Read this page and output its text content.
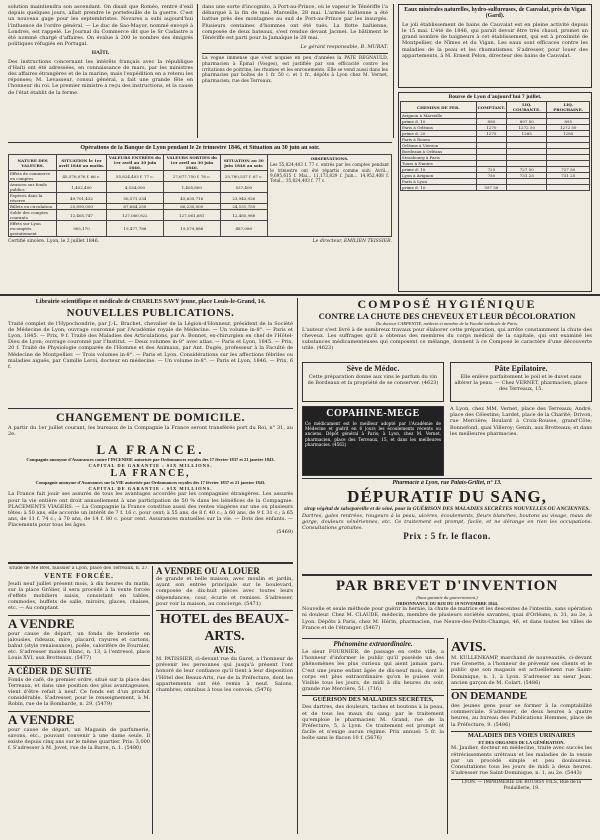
solution maintiendra son ascendant. On disait que Roméo, rentré d'exil depuis quelques jours, allait prendre le portefeuille de la guerre. C'est un nouveau gage pour les septembristes. Novares a subi aujourd'hui l'influence de l'ordre général. — Le duc de Sao-Mayor, nommé envoyé à Londres, est rappelé. Le Journal du Commerce dit que le Sr Cadastre a été nommé chargé d'affaires. On évalue à 200 le nombre des émigrés politiques réfugiés en Portugal.
HAÏTI.
Des instructions concernant les intérêts français avec la république d'Haïti ont été adressées, en connaissance de mars, par les ministres des affaires étrangères et de la marine; mais l'expédition en a retenu les réponses; M. Levasseur, consul général, a fait une grande fête en l'honneur du roi. Le premier ministre a reçu des instructions, et la cause de l'état établit de la ferme.
dans une sorte d'incognito, à Port-au-Prince, où le vapeur le Ténériffe l'a débarqué à la fin de mai. Marseille, 28 mai. L'armée haïtienne a été battue près des montagnes au sud de Port-au-Prince par les insurgés. Plusieurs centaines d'hommes ont été tués. La flotte haïtienne, composée de deux bateaux, s'est rendue devant Jacmel. Le bâtiment le Ténériffe est parti pour la Jamaïque le 28 mai.
Le gérant responsable, B. MURAT.
La vogue immense que s'est acquise en peu d'années la PATE REGNAULD, pharmacien à Épinal (Vosges), est justifiée par son efficacité contre les irritations de poitrine, les rhumes et les enrouements. Elle se vend aussi dans les pharmacies par boîtes de 1 fr. 50 c. et 1 fr., dépôts à Lyon chez M. Vernet, pharmacien, rue des Terreaux.
Eaux minérales naturelles, hydro-sulfureuses, de Cauvalat, près du Vigan (Gard).
Le joli établissement de bains de Cauvalat est en pleine activité depuis le 15 mai. L'été de 1846, qui paraît devoir être très chaud, promet un grand nombre de baigneurs à cet établissement, qui est à proximité de Montpellier, de Nîmes et du Vigan. Les eaux sont efficaces contre les maladies de la peau et les rhumatismes. S'adresser, pour louer des appartements, à M. Ernest Pelon, directeur des bains de Cauvalat.
Opérations de la Banque de Lyon pendant le 2e trimestre 1846, et Situation au 30 juin au soir.
NATURE DES VALEURS.	SITUATION le 1er avril 1846 au matin.	VALEURS ENTRÉES du 1er avril au 30 juin 1846.	VALEURS SORTIES du 1er avril au 30 juin 1846.	SITUATION au 30 juin 1846 au soir.
Effets de commerce en comptes	45,576,076 f. 66 c.	55,824,403 f. 77 c.	27,677,750 f. 76 c.	25,780,537 f. 67 c.
Avances sur fonds publics	1,402,400	4,534,000	1,405,800	537,400
Espèces dans la réserve	49,701,432	56,571,334	45,635,716	23,943,926
Billets en circulation	20,890,000	67,664,250	66,235,000	24,151,750
Solde des comptes courants	12,465,747	127,060,922	127,061,681	12,465,988
Effets sur Lyon escomptés gratuitement	905,170	19,477,788	19,579,888	487,080
OBSERVATIONS.
Les 55,824,403 f. 77 c. entrés par les comptes pendant le trimestre ont été répartis comme suit: Avril... 9,695,615 f. Mai... 11,173,829 f. Juin... 14,952,408 f. Total... 35,824,403 f. 77 c.
Certifié sincère. Lyon, le 2 juillet 1846.	Le directeur, EMILIEN TEISSIER.
Bourse de Lyon d'aujourd'hui 7 juillet.
CHEMINS DE FER.	COMPTANT.	LIQ. COURANTE.	LIQ. PROCHAINE.
Avignon à Marseille			
prime d. 10	890	897 50	895
Paris à Orléans	1270	1272 50	1272 50
prime d. 20	1275	1285	1285
Paris à Rouen			
Orléans à Vierzon			
Bordeaux à Orléans			
Strasbourg à Paris			
Tours à Nantes			
prime d. 10	725	727 50	727 50
Lyon à Avignon	750	731 25	731 25
Paris à Lyon			
prime d. 10	597 50		
Librairie scientifique et médicale de CHARLES SAVY jeune, place Louis-le-Grand, 14.
NOUVELLES PUBLICATIONS.
Traité complet de l'Hypochondrie, par J.-L. Brachet, chevalier de la Légion-d'Honneur, président de la Société de Médecine de Lyon; ouvrage couronné par l'Académie royale de Médecine. — Un volume in-8°. — Paris et Lyon, 1845. — Prix, 9 f. Traité des Maladies des Articulations, par A. Bonnet, ex-chirurgien en chef de l'Hôtel-Dieu de Lyon; ouvrage couronné par l'Institut. — Deux volumes in-8° avec atlas. — Paris et Lyon, 1845. — Prix, 20 f. Traité de Physiologie comparée de l'Homme et des Animaux, par Ant. Dugès, professeur à la Faculté de Médecine de Montpellier. — Trois volumes in-8°. — Paris et Lyon. Considérations sur les affections fébriles ou maladies aiguës, par Camille Leroi, docteur en médecine. — Un volume in-8°. — Paris et Lyon, 1846. — Prix, 6 f.
CHANGEMENT DE DOMICILE.
A partir du 1er juillet courant, les bureaux de la Compagnie la France seront transférés port du Roi, n° 31, au 2e.
LA FRANCE.
Compagnie anonyme d'Assurances contre l'INCENDIE autorisée par Ordonnances royales des 17 février 1837 et 21 janvier 1843.
CAPITAL DE GARANTIE : SIX MILLIONS.
LA FRANCE,
Compagnie anonyme d'Assurances sur la VIE autorisée par Ordonnances royales des 17 février 1837 et 21 janvier 1843.
CAPITAL DE GARANTIE : SIX MILLIONS.
La France fait jouir ses assurés de tous les avantages accordés par les compagnies étrangères. Les assurés pour la vie entière ont droit annuellement à une participation de 50 % dans les bénéfices de la Compagnie. PLACEMENTS VIAGERS. — La Compagnie la France constitue aussi des rentes viagères sur une ou plusieurs têtes: à 50 ans, elle accorde un intérêt de 7 f. 16 c. pour cent; à 55 ans, de 8 f. 40 c.; à 60 ans, de 9 f. 31 c.; à 65 ans, de 11 f. 74 c.; à 70 ans, de 14 f. 80 c. pour cent. Assurances mutuelles sur la vie. — Dots des enfants. — Placements pour tous les âges.
(5469)
Etude de Me Brel, huissier à Lyon, place des Terreaux, n. 27.
VENTE FORCÉE.
Jeudi neuf juillet présent mois, à dix heures du matin, sur la place Grôlier, il sera procédé à la vente forcée d'effets mobiliers saisis, consistant en tables, commodes, buffets de salle, miroirs, glaces, chaises, etc. — Au comptant.
A VENDRE
pour cause de départ, un fonds de broderie en jalousies, rideaux, mire, placard, rayures et cartons, bahut (style renaissance), poêle, calorifère de Fournier, etc. S'adresser maison Blanc, n. 13, à l'entresol, place Louis XVI, aux Brotteaux. (5477)
A CÉDER DE SUITE
Fonds de café, de premier ordre, situé sur la place des Terreaux, et dans une position des plus avantageuses, vient d'être refait à neuf. Ce fonds est d'un produit considérable. S'adresser, pour le renseignement, à M. Robin, rue de la Bombarde, n. 29. (5479)
A VENDRE
pour cause de départ, un Magasin de parfumerie, savons, etc., pouvant convenir à une dame seule. Il existe depuis cinq ans sur le même quartier. Prix: 3,000 f. S'adresser à M. Jovet, rue de la Barre, n. 1. (5480)
A VENDRE OU A LOUER
de grande et belle maison, avec moulin et jardin, ayant son entrée principale sur le boulevard, composée de dix-huit pièces avec toutes leurs dépendances; cour, écurie et remises. S'adresser, pour voir la maison, au concierge. (5471)
HOTEL des BEAUX-ARTS.
AVIS.
M. PATISSIER, ci-devant rue du Garet, a l'honneur de prévenir les personnes qui jusqu'à présent l'ont honoré de leur confiance qu'il tient à leur disposition l'Hôtel des Beaux-Arts, rue de la Préfecture, dont les appartements ont été remis à neuf. Salons, chambres, omnibus à tous les convois. (5476)
COMPOSÉ HYGIÉNIQUE
CONTRE LA CHUTE DES CHEVEUX ET LEUR DÉCOLORATION
Du docteur CARPENTIE, médecin et membre de la Faculté médicale de Paris.
L'auteur s'est livré à de nombreux travaux pour élaborer cette préparation, qui arrête constamment la chute des cheveux. Les suffrages qu'il a obtenus des membres du corps médical de la capitale, qui ont examiné les substances médicamenteuses qui composent ce mélange, donnent à ce Composé le caractère d'une découverte utile. (4623)
Sève de Médoc.
Cette préparation donne aux vins le parfum du vin de Bordeaux et la propriété de se conserver. (4623)
Pâte Epilatoire.
Elle enlève parfaitement le poil et le duvet sans altérer la peau. — Chez VERNET, pharmacien, place des Terreaux, 15.
COPAHINE-MEGE
Ce médicament est le meilleur adopté par l'Académie de Médecine et guérit en 6 jours les écoulements récents ou anciens. Dépôt général à Paris; à Lyon, chez M. Vernet, pharmacien, place des Terreaux, 15, et dans les meilleures pharmacies. (4562)
A Lyon, chez MM. Vernet, place des Terreaux; André, place des Célestins; Lardet, place de la Charité; Drivon, rue Mercière; Boulard à Croix-Rousse, grand'Côte; Bonnefond, quai Villeroy; Genin, aux Brotteaux; et dans les meilleures pharmacies.
Pharmacie à Lyon, rue Palais-Grillet, n° 13.
DÉPURATIF DU SANG,
sirop végétal de salsepareille et de séné, pour la GUÉRISON DES MALADIES SECRÈTES NOUVELLES OU ANCIENNES.
Dartres, gales rentrées, rougeurs à la peau, ulcères, écoulements, fleurs blanches, boutons au visage, maux de gorge, douleurs vénériennes, etc. Ce traitement est prompt, facile, et ne dérange en rien les occupations. Consultations gratuites.
Prix : 5 fr. le flacon.
PAR BREVET D'INVENTION
(Sans garantie du gouvernement.)
ORDONNANCE DU ROI DU 19 NOVEMBRE 1844.
Nouvelle et seule méthode pour guérir la hernie, la chute de matrice et les descentes de l'intestin, sans opération ni douleur. Chez M. CLAUDE, médecin, membre de plusieurs sociétés savantes, quai d'Orléans, n. 31, au 2e, à Lyon. Dépôts à Paris, chez M. Hérin, pharmacien, rue Neuve-des-Petits-Champs, 46, et dans toutes les villes de France et de l'étranger. (5467)
Phénomène extraordinaire.
Le sieur FOURNIER, de passage en cette ville, a l'honneur d'informer le public qu'il possède un des phénomènes les plus curieux qui aient jamais paru. C'est une jeune enfant âgée de dix-neuf mois, dont le corps est plus extraordinaire qu'on le puisse voir. Visible tous les jours, de midi à dix heures du soir, grande rue Mercière, 51. (716)
GUÉRISON DES MALADIES SECRÈTES,
Des dartres, des douleurs, taches et boutons à la peau, et de tous les maux du sang; par le traitement qu'emploie le pharmacien M. Grand, rue de la Préfecture, 5, à Lyon. Ce traitement est prompt et facile et n'exige aucun régime. Prix annuel: 5 fr. la boîte sans le flacon 10 f. (5676)
AVIS.
M. KULLENKAMP, marchand de nouveautés, ci-devant rue Grenette, a l'honneur de prévenir ses clients et le public que son magasin est actuellement rue Saint-Dominique, n. 1, à Lyon. S'adresser au sieur Jean, ancien garçon de M. Colart. (5486)
ON DEMANDE
des jeunes gens pour se former à la comptabilité commerciale. S'adresser, de deux heures à quatre heures, au bureau des Publications Hommes, place de la Préfecture, 9. (5486)
MALADIES DES VOIES URINAIRES
ET DES ORGANES DE LA GÉNÉRATION.
M. Jaudier, docteur en médecine, traite avec succès les rétrécissements urétraux et les maladies de la vessie par un procédé simple et peu douloureux. Consultations tous les jours de midi à deux heures. S'adresser rue Saint-Dominique, n. 1, au 2e. (5443)
LYON. — IMPRIMERIE DE BOURSY FILS, Rue de la Poulaillerie, 19.
